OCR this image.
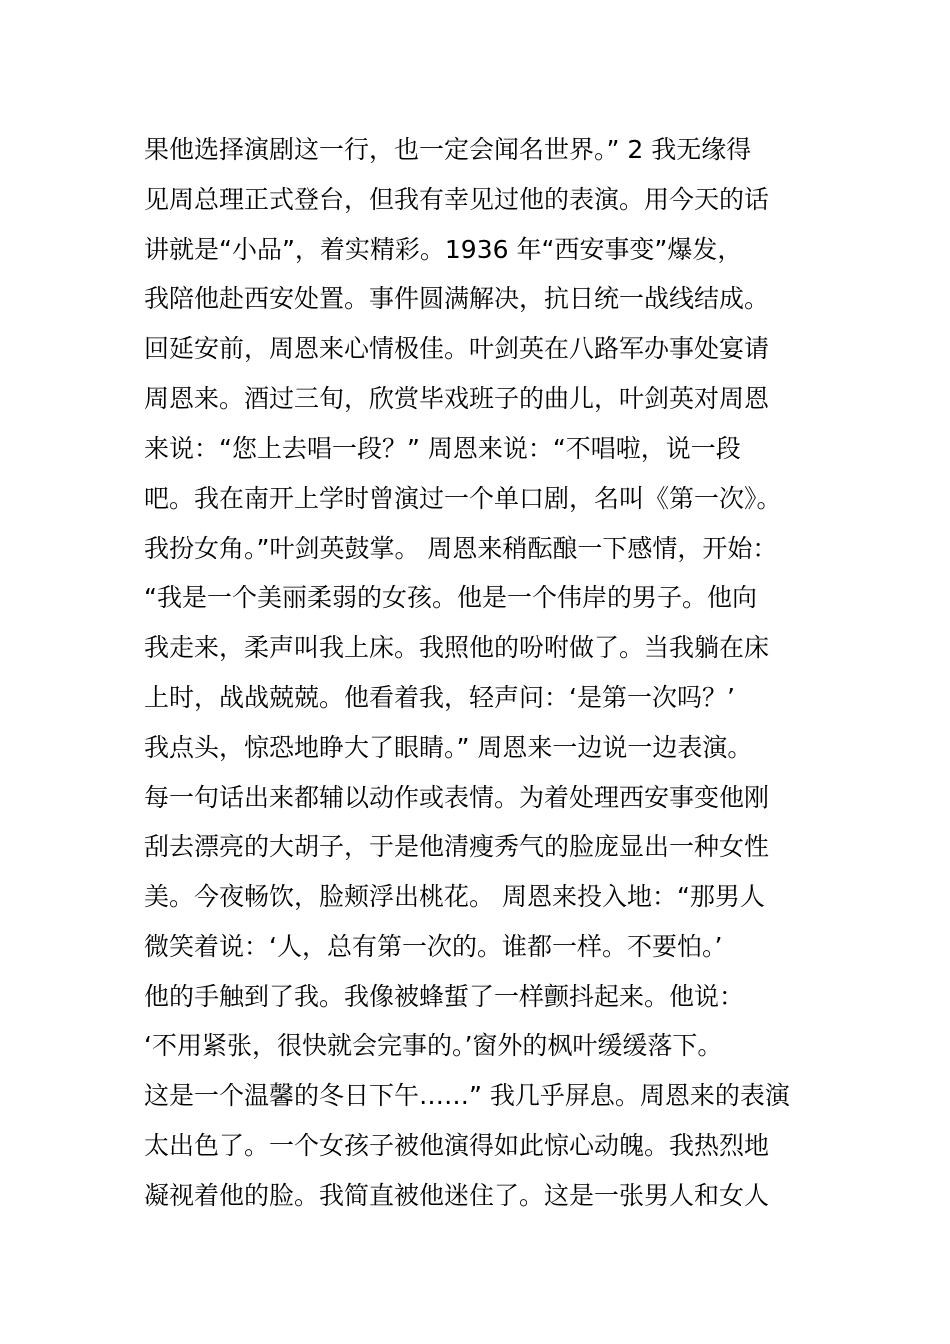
果他选择演剧这一行，也一定会闻名世界。” 2 我无缘得
见周总理正式登台，但我有幸见过他的表演。用今天的话
讲就是“小品”，着实精彩。1936 年“西安事变”爆发，
我陪他赴西安处置。事件圆满解决，抗日统一战线结成。
回延安前，周恩来心情极佳。叶剑英在八路军办事处宴请
周恩来。酒过三旬，欣赏毕戏班子的曲儿，叶剑英对周恩
来说：“您上去唱一段？” 周恩来说：“不唱啦，说一段
吧。我在南开上学时曾演过一个单口剧，名叫《第一次》。
我扮女角。”叶剑英鼓掌。 周恩来稍酝酿一下感情，开始：
“我是一个美丽柔弱的女孩。他是一个伟岸的男子。他向
我走来，柔声叫我上床。我照他的吩咐做了。当我躺在床
上时，战战兢兢。他看着我，轻声问：‘是第一次吗？’
我点头，惊恐地睁大了眼睛。” 周恩来一边说一边表演。
每一句话出来都辅以动作或表情。为着处理西安事变他刚
刮去漂亮的大胡子，于是他清瘦秀气的脸庞显出一种女性
美。今夜畅饮，脸颊浮出桃花。 周恩来投入地：“那男人
微笑着说：‘人，总有第一次的。谁都一样。不要怕。’
他的手触到了我。我像被蜂蜇了一样颤抖起来。他说：
‘不用紧张，很快就会完事的。’窗外的枫叶缓缓落下。
这是一个温馨的冬日下午……” 我几乎屏息。周恩来的表演
太出色了。一个女孩子被他演得如此惊心动魄。我热烈地
凝视着他的脸。我简直被他迷住了。这是一张男人和女人
